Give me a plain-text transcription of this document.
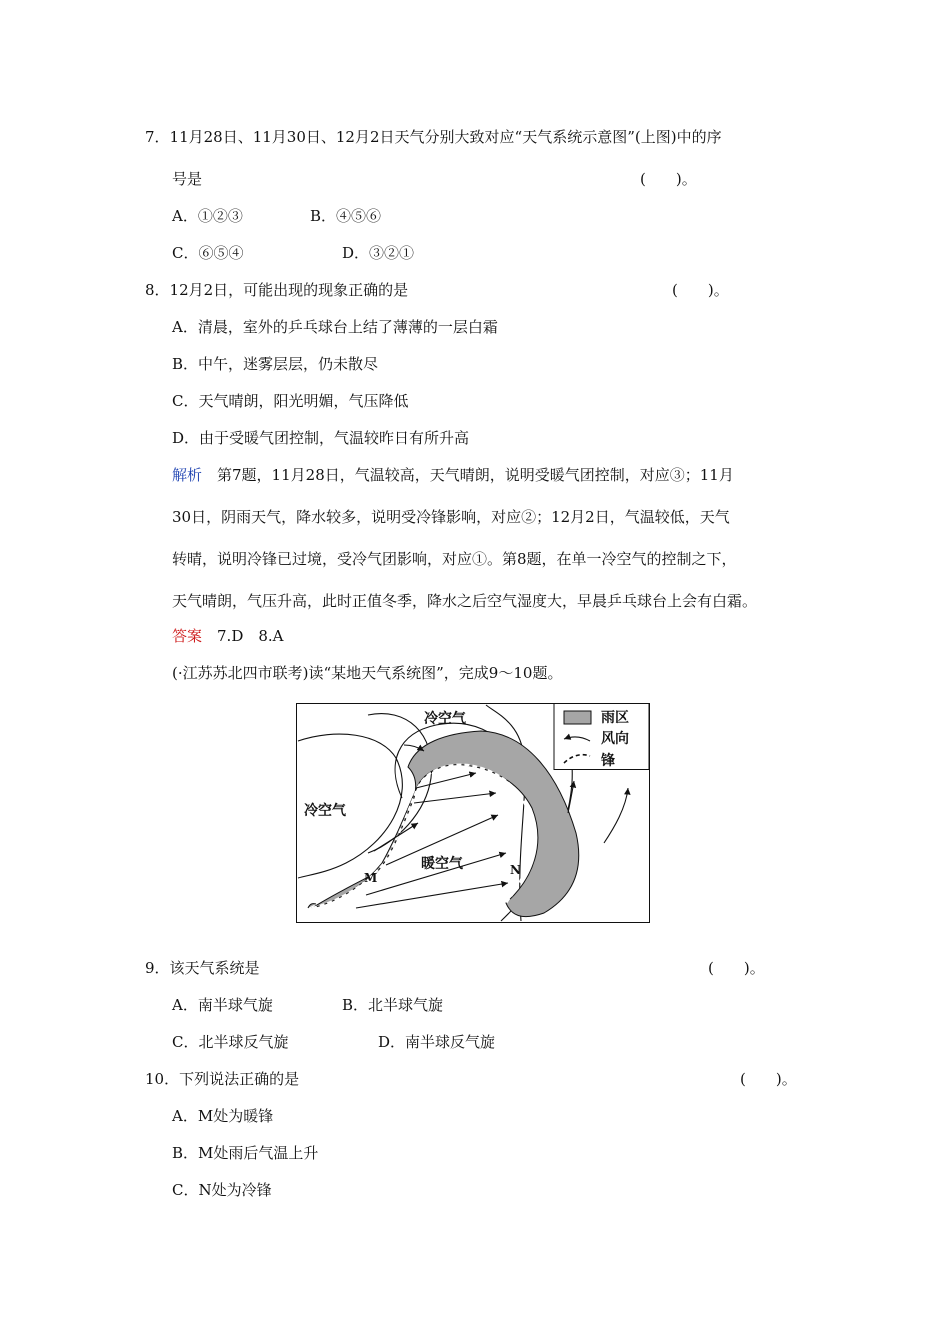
7．11月28日、11月30日、12月2日天气分别大致对应“天气系统示意图”(上图)中的序
号是	(　　)。
A．①②③	B．④⑤⑥
C．⑥⑤④	D．③②①
8．12月2日，可能出现的现象正确的是	(　　)。
A．清晨，室外的乒乓球台上结了薄薄的一层白霜
B．中午，迷雾层层，仍未散尽
C．天气晴朗，阳光明媚，气压降低
D．由于受暖气团控制，气温较昨日有所升高
解析　第7题，11月28日，气温较高，天气晴朗，说明受暖气团控制，对应③；11月
30日，阴雨天气，降水较多，说明受冷锋影响，对应②；12月2日，气温较低，天气
转晴，说明冷锋已过境，受冷气团影响，对应①。第8题，在单一冷空气的控制之下，
天气晴朗，气压升高，此时正值冬季，降水之后空气湿度大，早晨乒乓球台上会有白霜。
答案　7.D　8.A
(·江苏苏北四市联考)读“某地天气系统图”，完成9～10题。
冷空气
冷空气
暖空气
M
N
雨区
风向
锋
9．该天气系统是	(　　)。
A．南半球气旋	B．北半球气旋
C．北半球反气旋	D．南半球反气旋
10．下列说法正确的是	(　　)。
A．M处为暖锋
B．M处雨后气温上升
C．N处为冷锋
